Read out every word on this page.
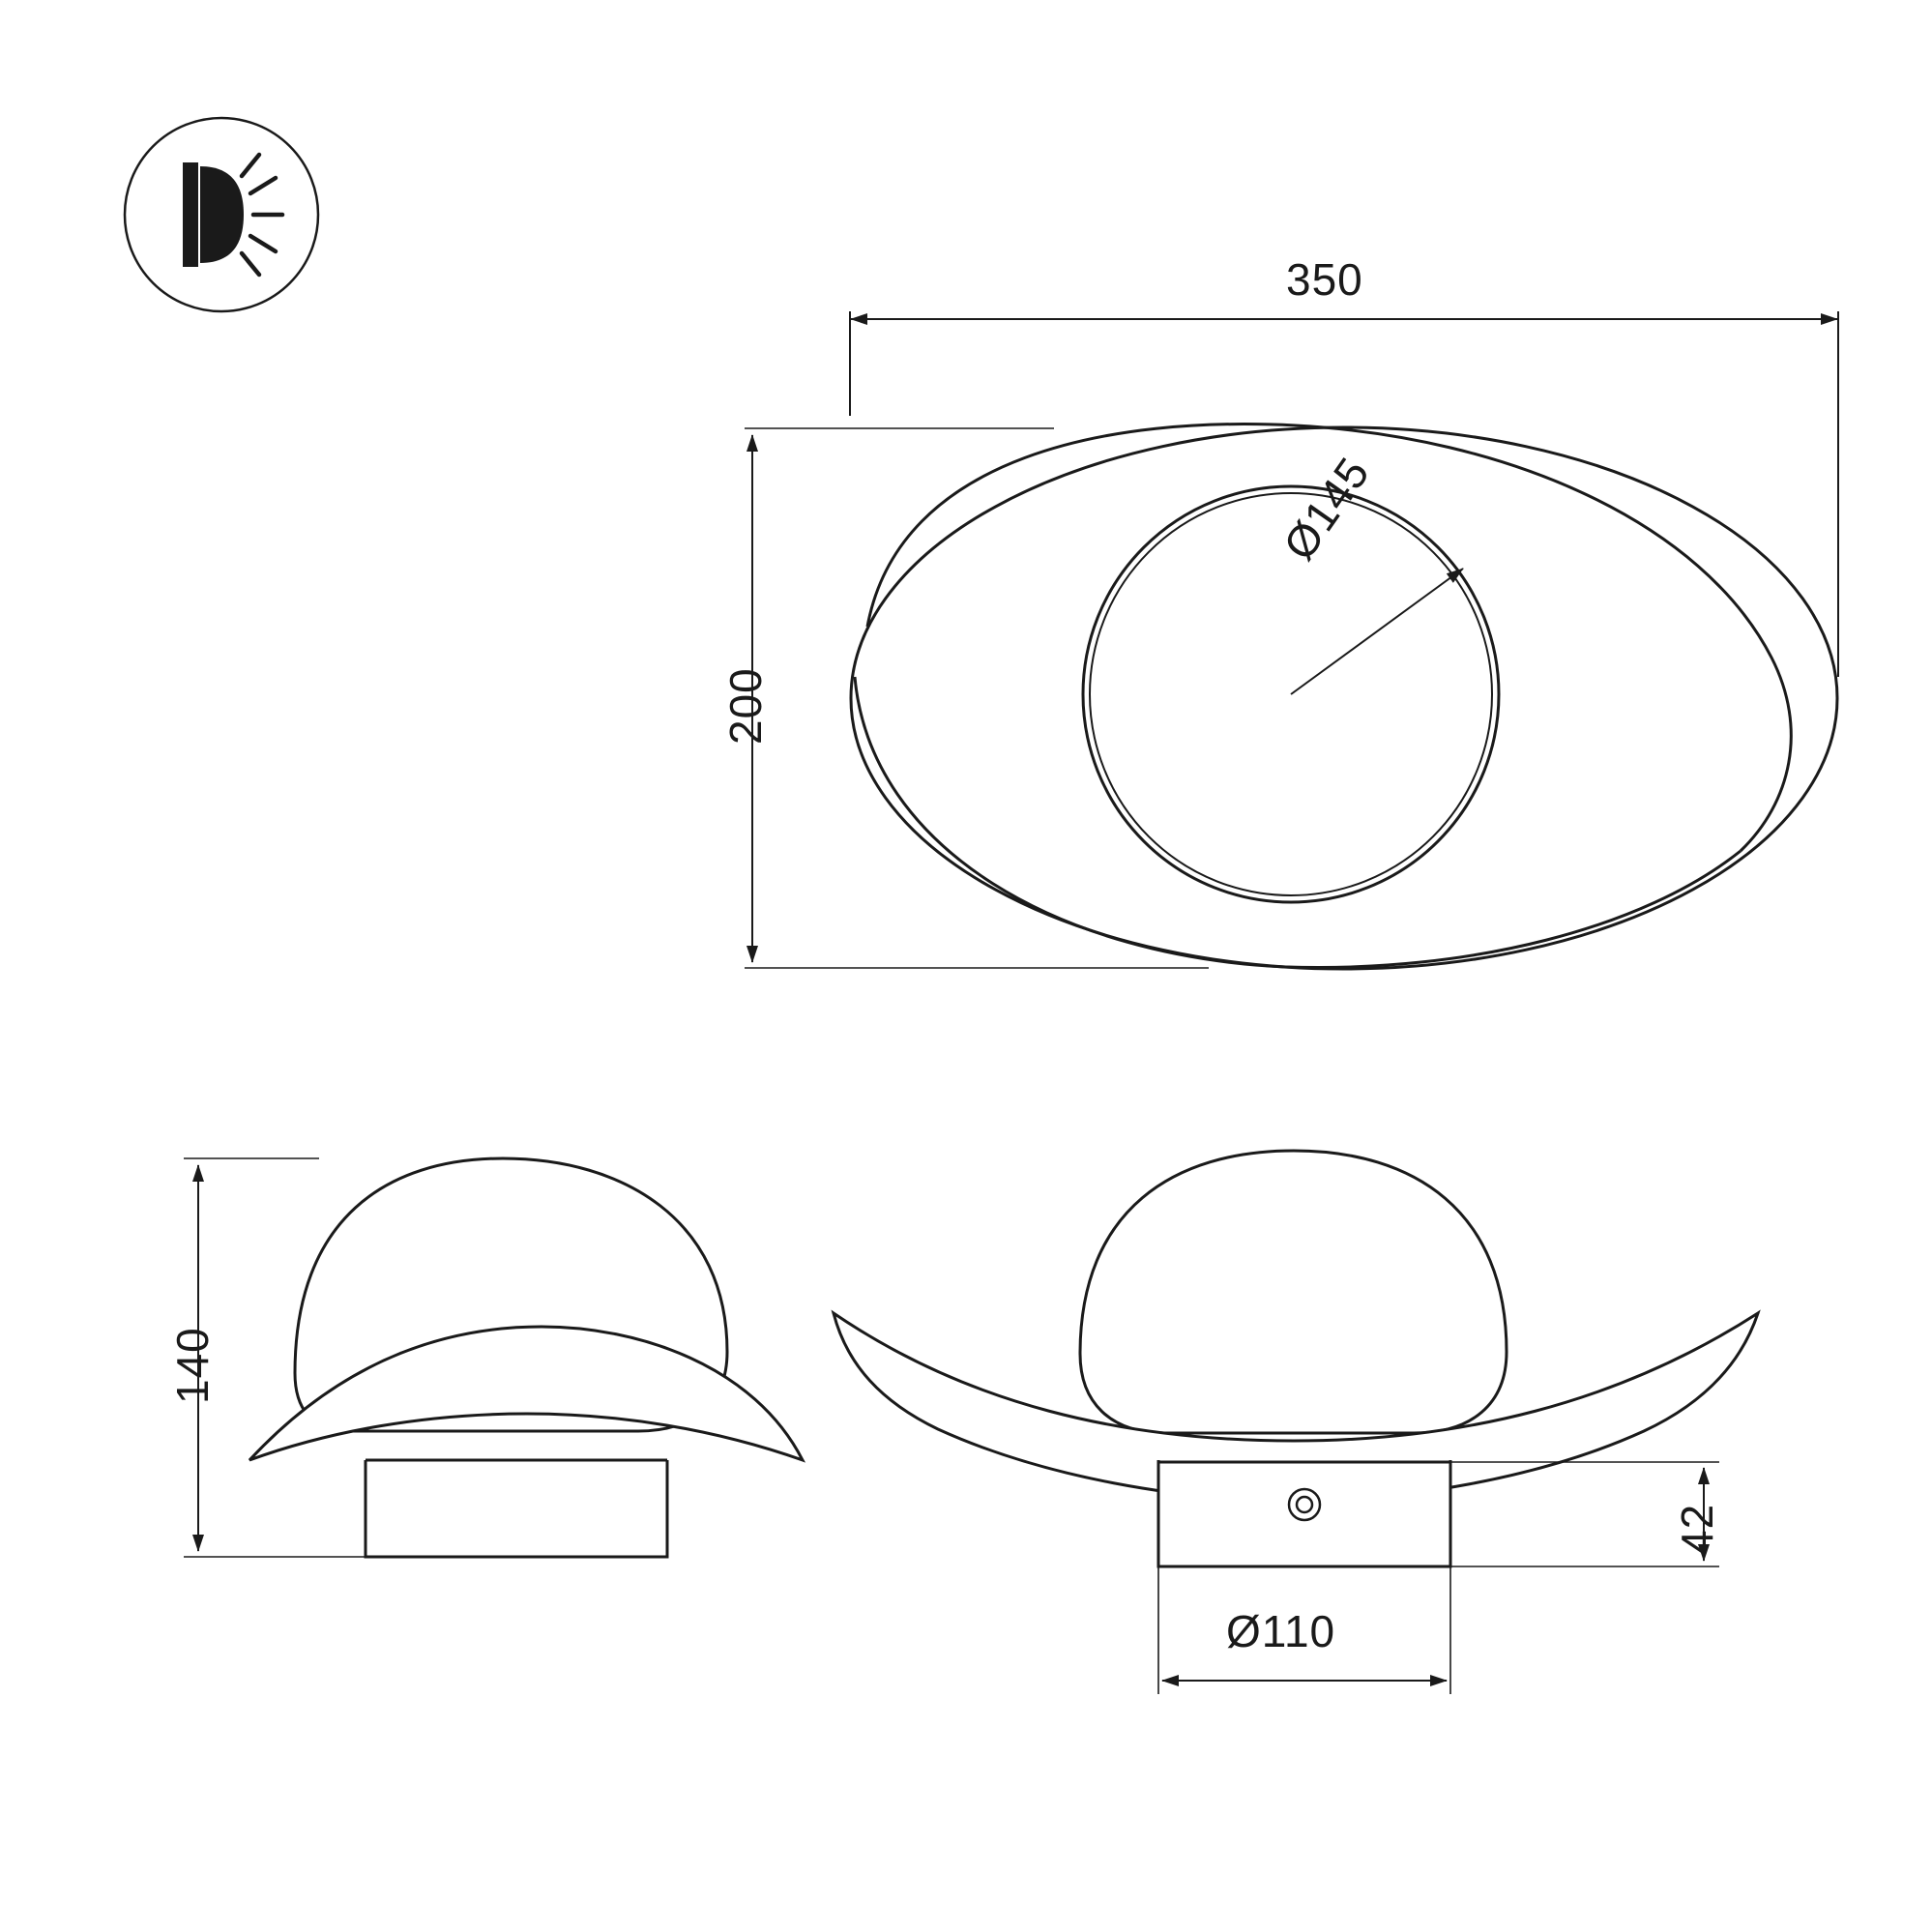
350
200
Ø145
140
42
Ø110
